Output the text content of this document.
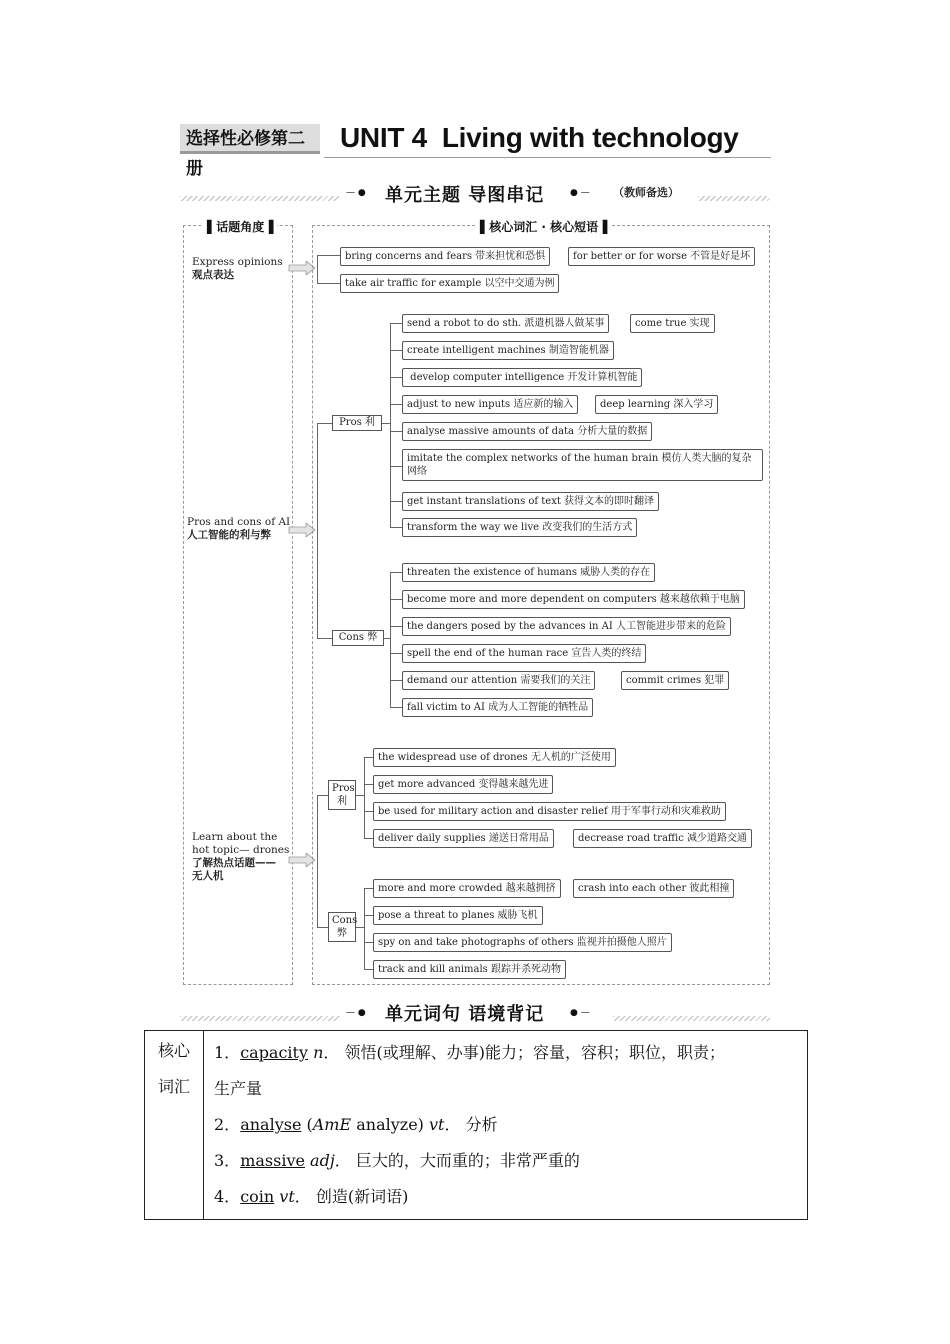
选择性必修第二册
UNIT 4 Living with technology
— ● 单元主题 导图串记	● — （教师备选）
▌话题角度▐
Express opinions
观点表达
Pros and cons of AI
人工智能的利与弊
Learn about the
hot topic— drones
了解热点话题——
无人机
▌核心词汇 · 核心短语▐
bring concerns and fears 带来担忧和恐惧	for better or for worse 不管是好是坏
take air traffic for example 以空中交通为例
Pros 利
Cons 弊
send a robot to do sth. 派遣机器人做某事	come true 实现
create intelligent machines 制造智能机器
develop computer intelligence 开发计算机智能
adjust to new inputs 适应新的输入	deep learning 深入学习
analyse massive amounts of data 分析大量的数据
imitate the complex networks of the human brain 模仿人类大脑的复杂网络
get instant translations of text 获得文本的即时翻译
transform the way we live 改变我们的生活方式
threaten the existence of humans 威胁人类的存在
become more and more dependent on computers 越来越依赖于电脑
the dangers posed by the advances in AI 人工智能进步带来的危险
spell the end of the human race 宣告人类的终结
demand our attention 需要我们的关注	commit crimes 犯罪
fall victim to AI 成为人工智能的牺牲品
Pros
利
Cons
弊
the widespread use of drones 无人机的广泛使用
get more advanced 变得越来越先进
be used for military action and disaster relief 用于军事行动和灾难救助
deliver daily supplies 递送日常用品	decrease road traffic 减少道路交通
more and more crowded 越来越拥挤	crash into each other 彼此相撞
pose a threat to planes 威胁飞机
spy on and take photographs of others 监视并拍摄他人照片
track and kill animals 跟踪并杀死动物
— ● 单元词句 语境背记	● —
核心
词汇

1．capacity n． 领悟(或理解、办事)能力；容量，容积；职位，职责；
生产量
2．analyse (AmE analyze) vt． 分析
3．massive adj． 巨大的，大而重的；非常严重的
4．coin vt． 创造(新词语)
